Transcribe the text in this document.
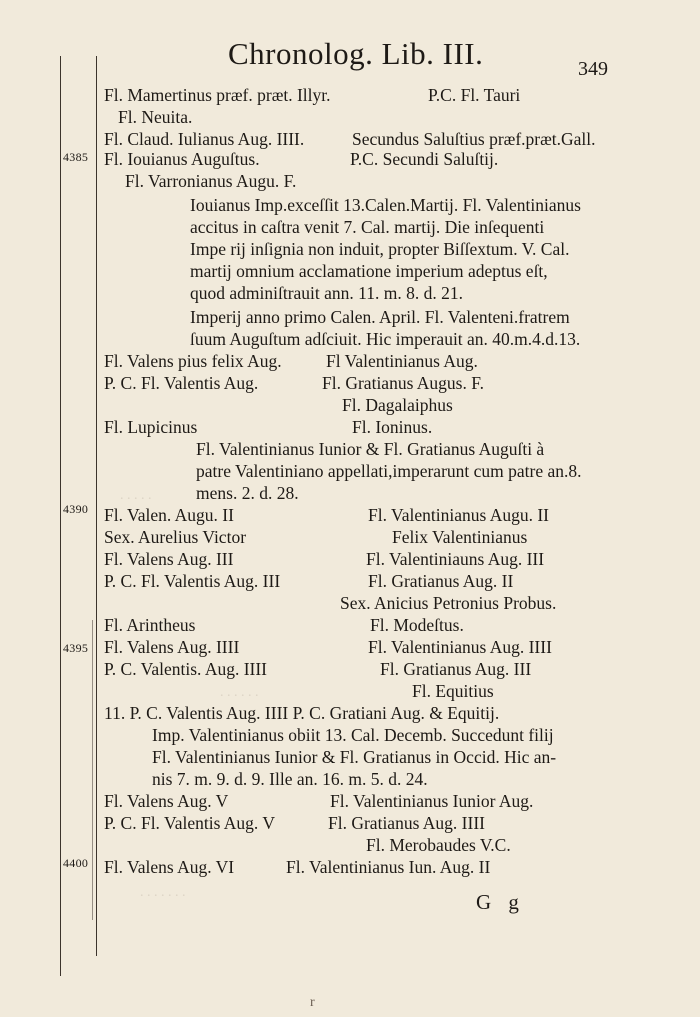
Chronolog. Lib. III.	349
4385
4390
4395
4400
. . . . .
. . . . . .
. . . . . . .
Fl. Mamertinus præf. præt. Illyr.	P.C. Fl. Tauri
Fl. Neuita.
Fl. Claud. Iulianus Aug. IIII.	Secundus Saluſtius præf.præt.Gall.
Fl. Iouianus Auguſtus.	P.C. Secundi Saluſtij.
Fl. Varronianus Augu. F.
Iouianus Imp.exceſſit 13.Calen.Martij. Fl. Valentinianus
accitus in caſtra venit 7. Cal. martij. Die inſequenti
Impe rij inſignia non induit, propter Biſſextum. V. Cal.
martij omnium acclamatione imperium adeptus eſt,
quod adminiſtrauit ann. 11. m. 8. d. 21.
Imperij anno primo Calen. April. Fl. Valenteni.fratrem
ſuum Auguſtum adſciuit. Hic imperauit an. 40.m.4.d.13.
Fl. Valens pius felix Aug.	Fl Valentinianus Aug.
P. C. Fl. Valentis Aug.	Fl. Gratianus Augus. F.
Fl. Dagalaiphus
Fl. Lupicinus	Fl. Ioninus.
Fl. Valentinianus Iunior & Fl. Gratianus Auguſti à
patre Valentiniano appellati,imperarunt cum patre an.8.
mens. 2. d. 28.
Fl. Valen. Augu. II	Fl. Valentinianus Augu. II
Sex. Aurelius Victor	Felix Valentinianus
Fl. Valens Aug. III	Fl. Valentiniauns Aug. III
P. C. Fl. Valentis Aug. III	Fl. Gratianus Aug. II
Sex. Anicius Petronius Probus.
Fl. Arintheus	Fl. Modeſtus.
Fl. Valens Aug. IIII	Fl. Valentinianus Aug. IIII
P. C. Valentis. Aug. IIII	Fl. Gratianus Aug. III
Fl. Equitius
11. P. C. Valentis Aug. IIII P. C. Gratiani Aug. & Equitij.
Imp. Valentinianus obiit 13. Cal. Decemb. Succedunt filij
Fl. Valentinianus Iunior & Fl. Gratianus in Occid. Hic an-
nis 7. m. 9. d. 9. Ille an. 16. m. 5. d. 24.
Fl. Valens Aug. V	Fl. Valentinianus Iunior Aug.
P. C. Fl. Valentis Aug. V	Fl. Gratianus Aug. IIII
Fl. Merobaudes V.C.
Fl. Valens Aug. VI	Fl. Valentinianus Iun. Aug. II
G g
r
